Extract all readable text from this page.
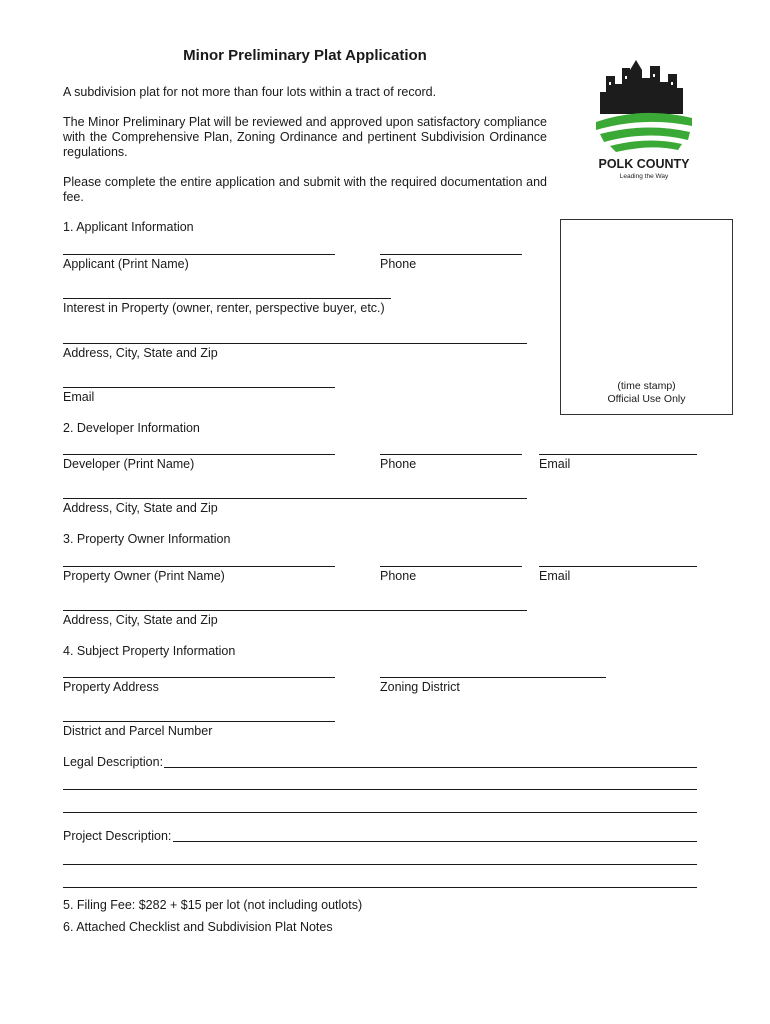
Minor Preliminary Plat Application
POLK COUNTY
Leading the Way
A subdivision plat for not more than four lots within a tract of record.
The Minor Preliminary Plat will be reviewed and approved upon satisfactory compliance with the Comprehensive Plan, Zoning Ordinance and pertinent Subdivision Ordinance regulations.
Please complete the entire application and submit with the required documentation and fee.
(time stamp)
Official Use Only
1. Applicant Information
Applicant (Print Name)	Phone
Interest in Property (owner, renter, perspective buyer, etc.)
Address, City, State and Zip
Email
2. Developer Information
Developer (Print Name)	Phone	Email
Address, City, State and Zip
3. Property Owner Information
Property Owner (Print Name)	Phone	Email
Address, City, State and Zip
4. Subject Property Information
Property Address	Zoning District
District and Parcel Number
Legal Description:
Project Description:
5. Filing Fee: $282 + $15 per lot (not including outlots)
6. Attached Checklist and Subdivision Plat Notes
